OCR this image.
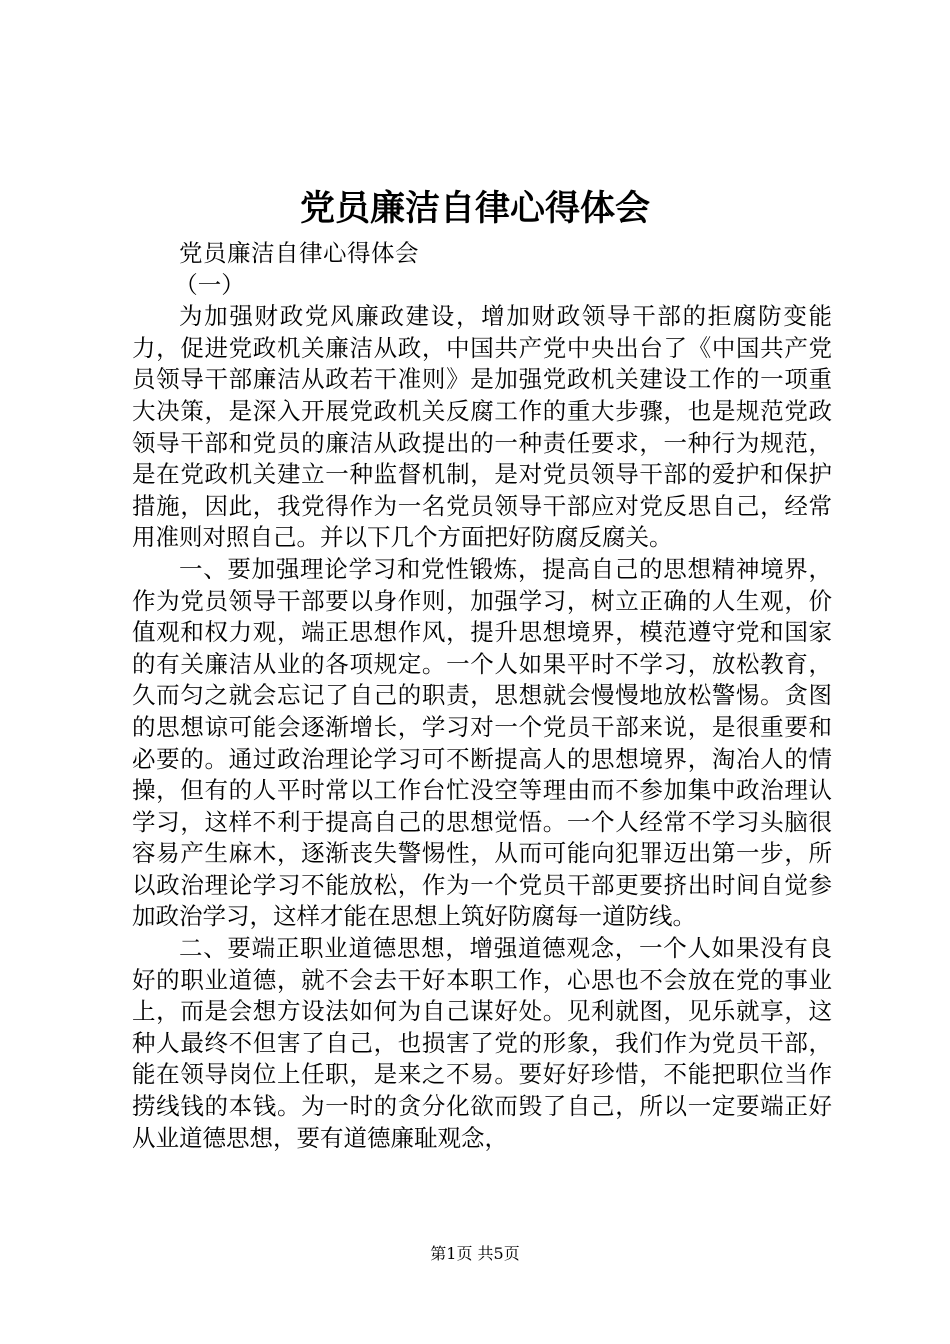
党员廉洁自律心得体会

党员廉洁自律心得体会

（一）

为加强财政党风廉政建设，增加财政领导干部的拒腐防变能力，促进党政机关廉洁从政，中国共产党中央出台了《中国共产党员领导干部廉洁从政若干准则》是加强党政机关建设工作的一项重大决策，是深入开展党政机关反腐工作的重大步骤，也是规范党政领导干部和党员的廉洁从政提出的一种责任要求，一种行为规范，是在党政机关建立一种监督机制，是对党员领导干部的爱护和保护措施，因此，我党得作为一名党员领导干部应对党反思自己，经常用准则对照自己。并以下几个方面把好防腐反腐关。

一、要加强理论学习和党性锻炼，提高自己的思想精神境界，作为党员领导干部要以身作则，加强学习，树立正确的人生观，价值观和权力观，端正思想作风，提升思想境界，模范遵守党和国家的有关廉洁从业的各项规定。一个人如果平时不学习，放松教育，久而匀之就会忘记了自己的职责，思想就会慢慢地放松警惕。贪图的思想谅可能会逐渐增长，学习对一个党员干部来说，是很重要和必要的。通过政治理论学习可不断提高人的思想境界，淘冶人的情操，但有的人平时常以工作台忙没空等理由而不参加集中政治理认学习，这样不利于提高自己的思想觉悟。一个人经常不学习头脑很容易产生麻木，逐渐丧失警惕性，从而可能向犯罪迈出第一步，所以政治理论学习不能放松，作为一个党员干部更要挤出时间自觉参加政治学习，这样才能在思想上筑好防腐每一道防线。

二、要端正职业道德思想，增强道德观念，一个人如果没有良好的职业道德，就不会去干好本职工作，心思也不会放在党的事业上，而是会想方设法如何为自己谋好处。见利就图，见乐就享，这种人最终不但害了自己，也损害了党的形象，我们作为党员干部，能在领导岗位上任职，是来之不易。要好好珍惜，不能把职位当作捞线钱的本钱。为一时的贪分化欲而毁了自己，所以一定要端正好从业道德思想，要有道德廉耻观念，

第1页 共5页
